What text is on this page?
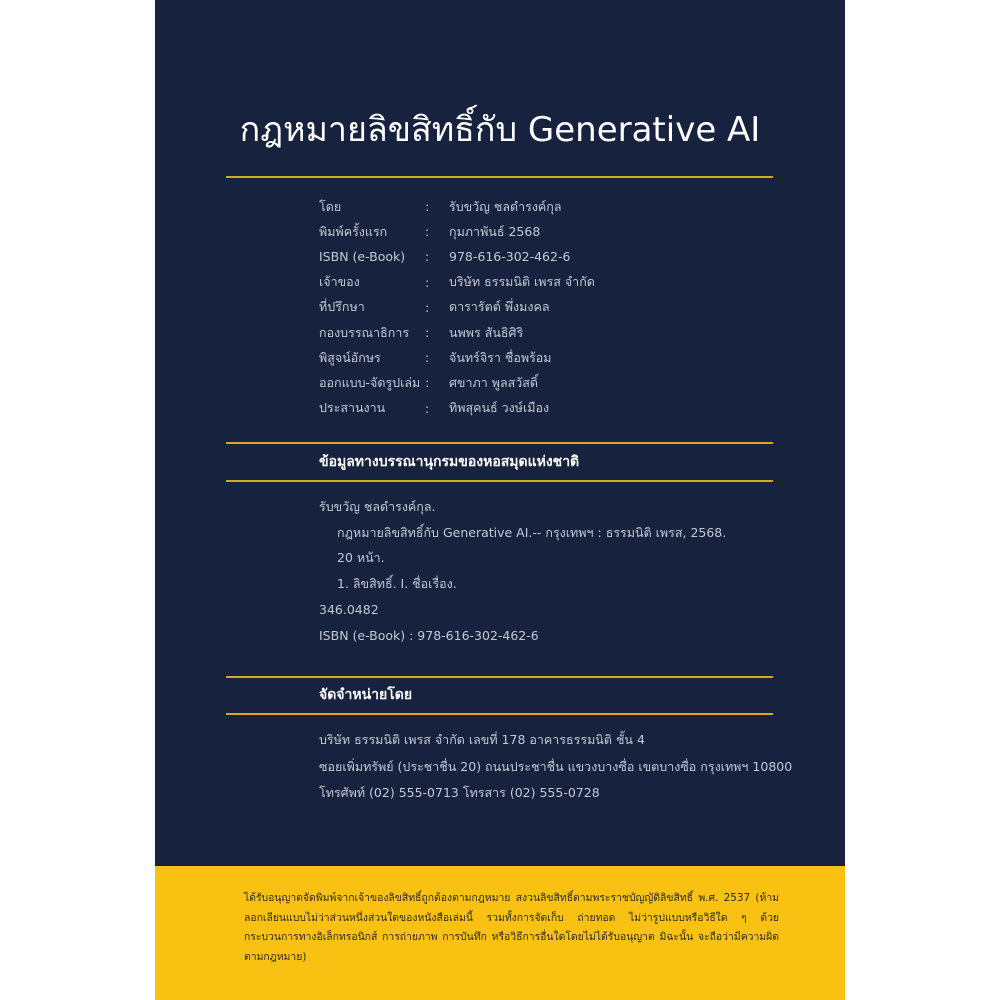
กฎหมายลิขสิทธิ์กับ Generative AI
โดย	:	รับขวัญ ชลดำรงค์กุล
พิมพ์ครั้งแรก	:	กุมภาพันธ์ 2568
ISBN (e-Book)	:	978-616-302-462-6
เจ้าของ	:	บริษัท ธรรมนิติ เพรส จำกัด
ที่ปรึกษา	:	ดารารัตต์ พึ่งมงคล
กองบรรณาธิการ	:	นพพร สันธิศิริ
พิสูจน์อักษร	:	จันทร์จิรา ชื่อพร้อม
ออกแบบ-จัดรูปเล่ม :	ศขาภา พูลสวัสดิ์
ประสานงาน	:	ทิพสุคนธ์ วงษ์เมือง
ข้อมูลทางบรรณานุกรมของหอสมุดแห่งชาติ
รับขวัญ ชลดำรงค์กุล.
กฎหมายลิขสิทธิ์กับ Generative AI.-- กรุงเทพฯ : ธรรมนิติ เพรส, 2568.
20 หน้า.
1. ลิขสิทธิ์. I. ชื่อเรื่อง.
346.0482
ISBN (e-Book) : 978-616-302-462-6
จัดจำหน่ายโดย
บริษัท ธรรมนิติ เพรส จำกัด เลขที่ 178 อาคารธรรมนิติ ชั้น 4
ซอยเพิ่มทรัพย์ (ประชาชื่น 20) ถนนประชาชื่น แขวงบางซื่อ เขตบางซื่อ กรุงเทพฯ 10800
โทรศัพท์ (02) 555-0713 โทรสาร (02) 555-0728
ได้รับอนุญาตจัดพิมพ์จากเจ้าของลิขสิทธิ์ถูกต้องตามกฎหมาย สงวนลิขสิทธิ์ตามพระราชบัญญัติลิขสิทธิ์ พ.ศ. 2537 (ห้ามลอกเลียนแบบไม่ว่าส่วนหนึ่งส่วนใดของหนังสือเล่มนี้ รวมทั้งการจัดเก็บ ถ่ายทอด ไม่ว่ารูปแบบหรือวิธีใด ๆ ด้วยกระบวนการทางอิเล็กทรอนิกส์ การถ่ายภาพ การบันทึก หรือวิธีการอื่นใดโดยไม่ได้รับอนุญาต มิฉะนั้น จะถือว่ามีความผิดตามกฎหมาย)
